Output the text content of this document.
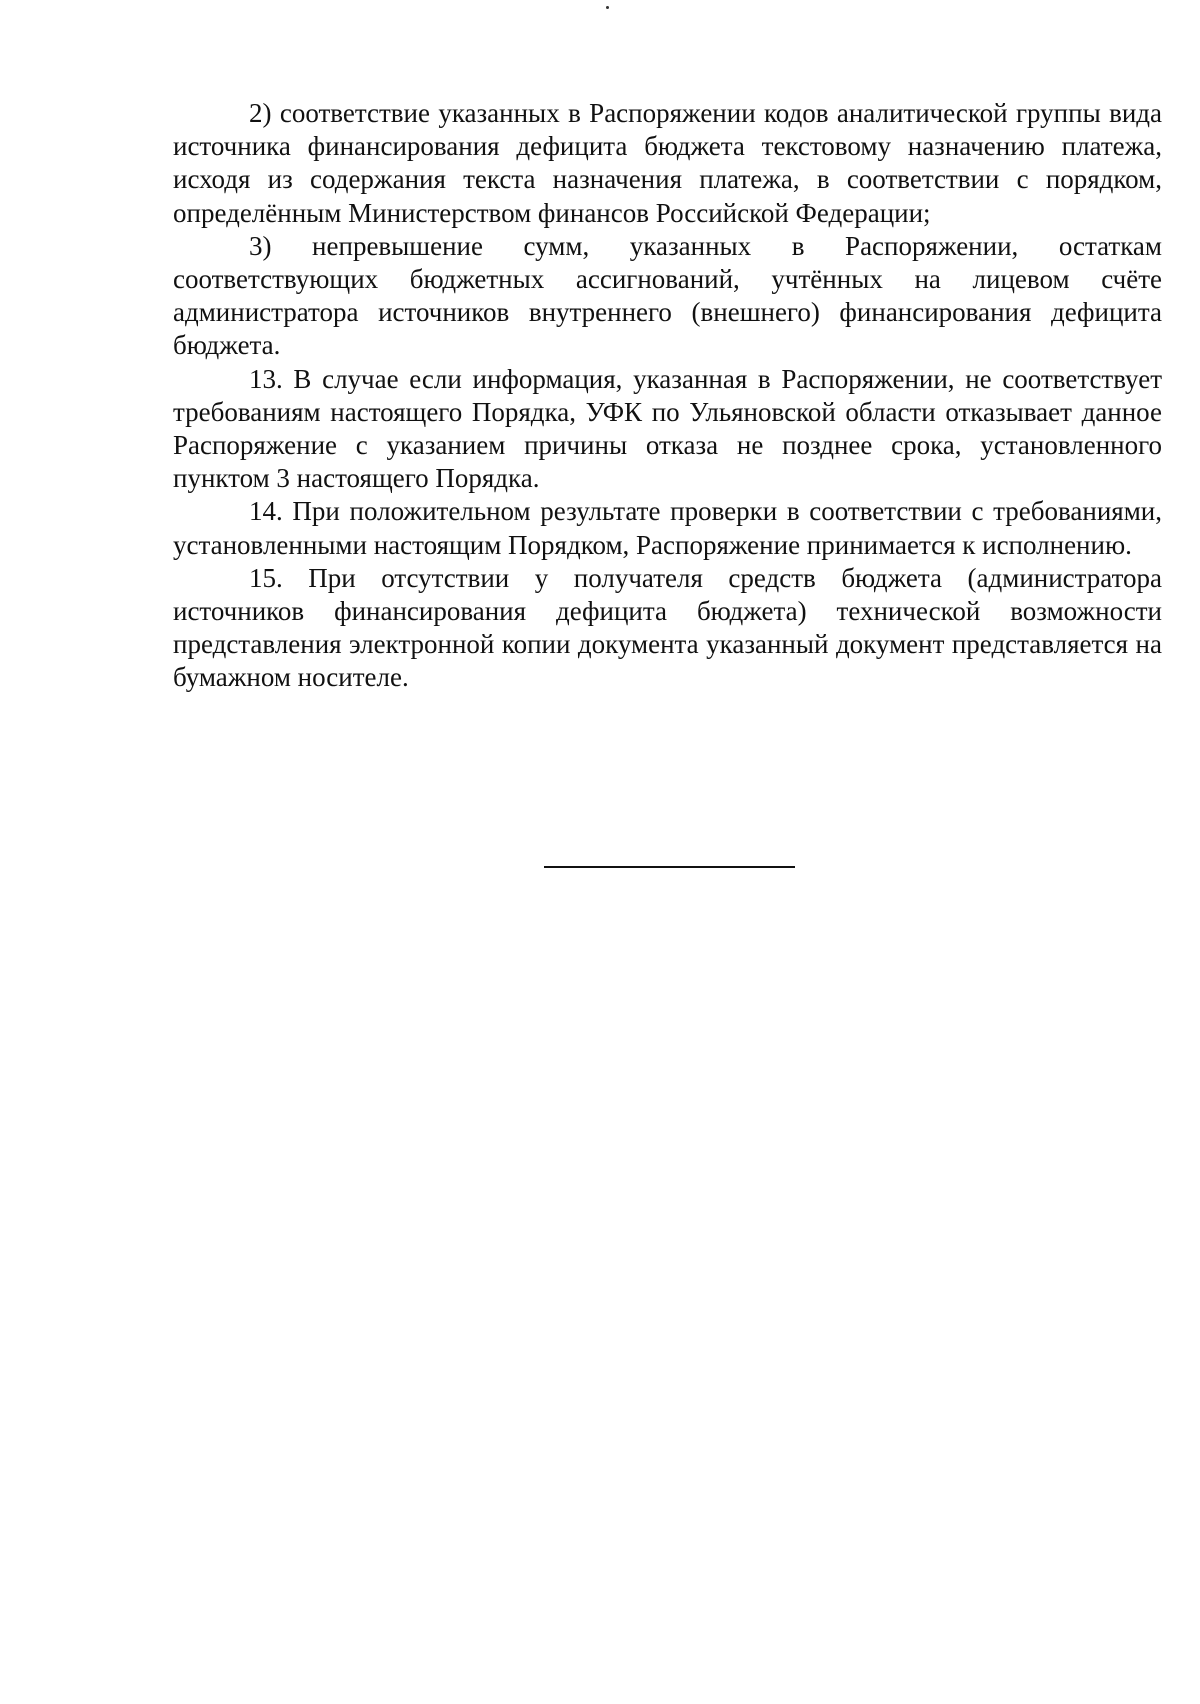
2) соответствие указанных в Распоряжении кодов аналитической группы вида источника финансирования дефицита бюджета текстовому назначению платежа, исходя из содержания текста назначения платежа, в соответствии с порядком, определённым Министерством финансов Российской Федерации;

3) непревышение сумм, указанных в Распоряжении, остаткам соответствующих бюджетных ассигнований, учтённых на лицевом счёте администратора источников внутреннего (внешнего) финансирования дефицита бюджета.

13. В случае если информация, указанная в Распоряжении, не соответствует требованиям настоящего Порядка, УФК по Ульяновской области отказывает данное Распоряжение с указанием причины отказа не позднее срока, установленного пунктом 3 настоящего Порядка.

14. При положительном результате проверки в соответствии с требованиями, установленными настоящим Порядком, Распоряжение принимается к исполнению.

15. При отсутствии у получателя средств бюджета (администратора источников финансирования дефицита бюджета) технической возможности представления электронной копии документа указанный документ представляется на бумажном носителе.
